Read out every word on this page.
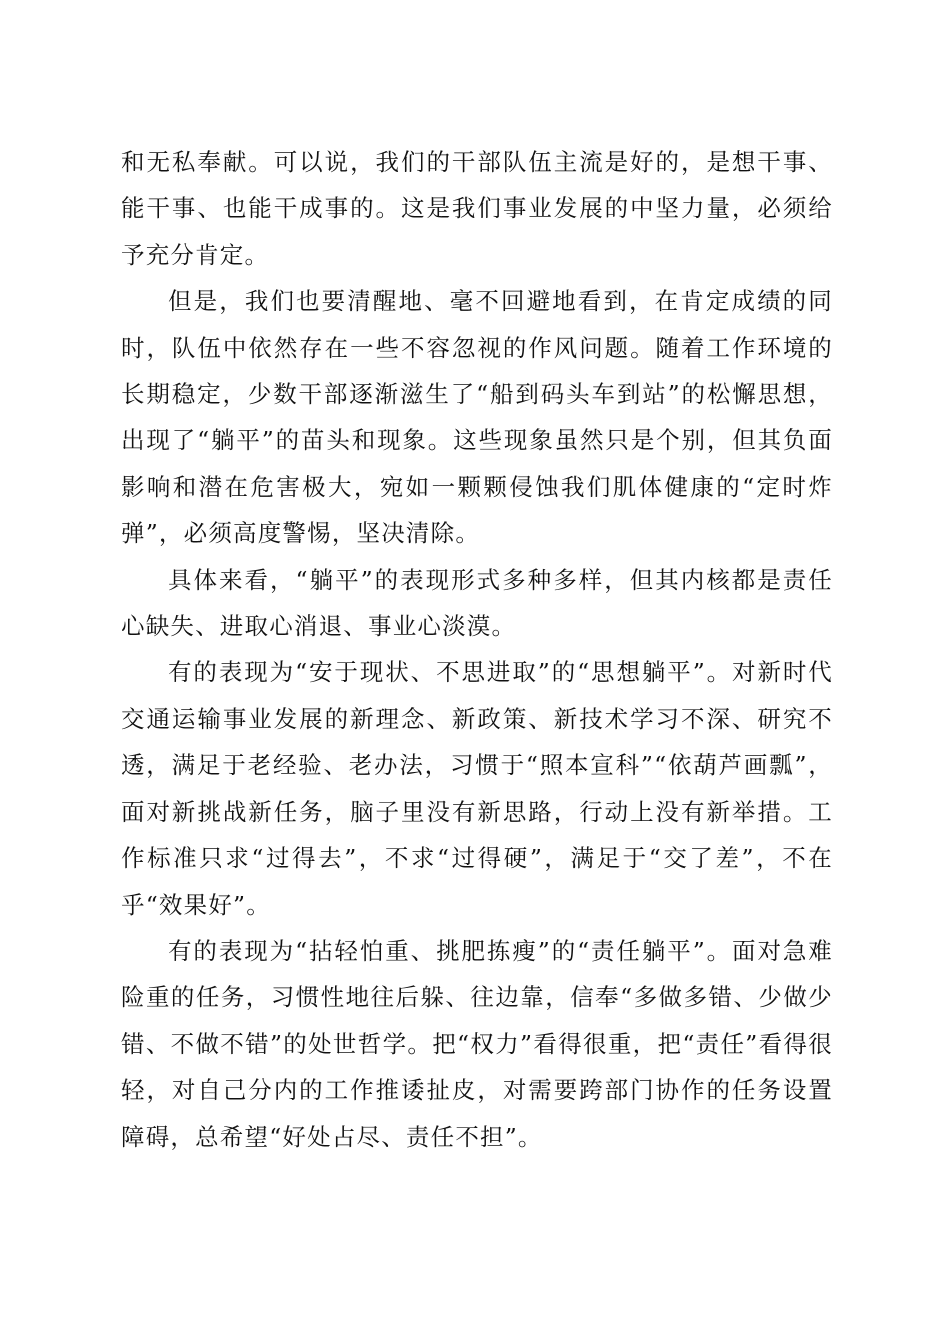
和无私奉献。可以说，我们的干部队伍主流是好的，是想干事、能干事、也能干成事的。这是我们事业发展的中坚力量，必须给予充分肯定。

但是，我们也要清醒地、毫不回避地看到，在肯定成绩的同时，队伍中依然存在一些不容忽视的作风问题。随着工作环境的长期稳定，少数干部逐渐滋生了“船到码头车到站”的松懈思想，出现了“躺平”的苗头和现象。这些现象虽然只是个别，但其负面影响和潜在危害极大，宛如一颗颗侵蚀我们肌体健康的“定时炸弹”，必须高度警惕，坚决清除。

具体来看，“躺平”的表现形式多种多样，但其内核都是责任心缺失、进取心消退、事业心淡漠。

有的表现为“安于现状、不思进取”的“思想躺平”。对新时代交通运输事业发展的新理念、新政策、新技术学习不深、研究不透，满足于老经验、老办法，习惯于“照本宣科”“依葫芦画瓢”，面对新挑战新任务，脑子里没有新思路，行动上没有新举措。工作标准只求“过得去”，不求“过得硬”，满足于“交了差”，不在乎“效果好”。

有的表现为“拈轻怕重、挑肥拣瘦”的“责任躺平”。面对急难险重的任务，习惯性地往后躲、往边靠，信奉“多做多错、少做少错、不做不错”的处世哲学。把“权力”看得很重，把“责任”看得很轻，对自己分内的工作推诿扯皮，对需要跨部门协作的任务设置障碍，总希望“好处占尽、责任不担”。
